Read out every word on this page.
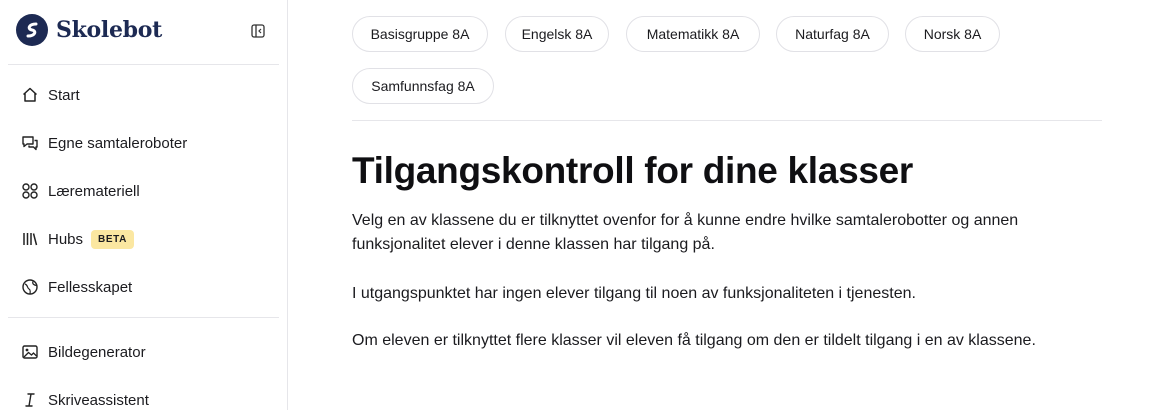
Skolebot
Start
Egne samtaleroboter
Læremateriell
Hubs	BETA
Fellesskapet
Bildegenerator
Skriveassistent
Basisgruppe 8A	Engelsk 8A	Matematikk 8A	Naturfag 8A	Norsk 8A
Samfunnsfag 8A
Tilgangskontroll for dine klasser

Velg en av klassene du er tilknyttet ovenfor for å kunne endre hvilke samtalerobotter og annen funksjonalitet elever i denne klassen har tilgang på.

I utgangspunktet har ingen elever tilgang til noen av funksjonaliteten i tjenesten.

Om eleven er tilknyttet flere klasser vil eleven få tilgang om den er tildelt tilgang i en av klassene.
